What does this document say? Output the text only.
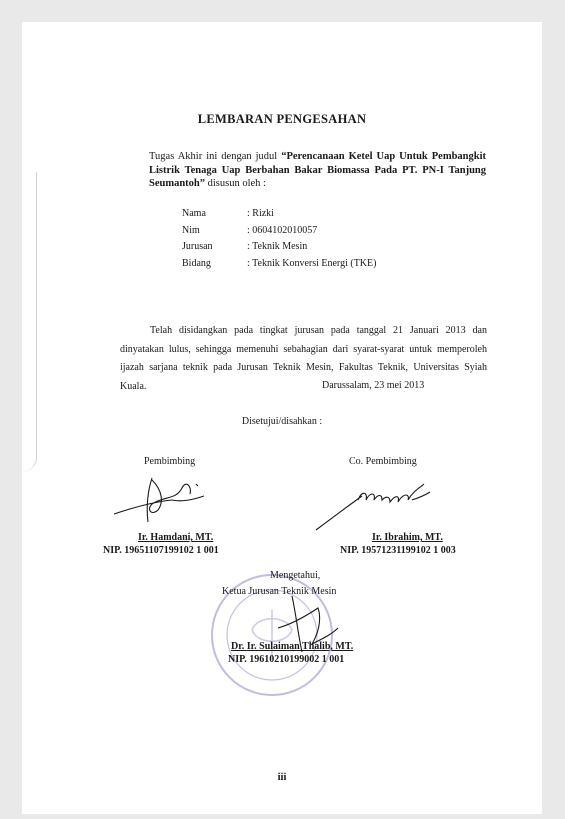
LEMBARAN PENGESAHAN
Tugas Akhir ini dengan judul “Perencanaan Ketel Uap Untuk Pembangkit Listrik Tenaga Uap Berbahan Bakar Biomassa Pada PT. PN-I Tanjung Seumantoh” disusun oleh :
Nama	: Rizki
Nim	: 0604102010057
Jurusan	: Teknik Mesin
Bidang	: Teknik Konversi Energi (TKE)
Telah disidangkan pada tingkat jurusan pada tanggal 21 Januari 2013 dan dinyatakan lulus, sehingga memenuhi sebahagian dari syarat-syarat untuk memperoleh ijazah sarjana teknik pada Jurusan Teknik Mesin, Fakultas Teknik, Universitas Syiah Kuala.	Darussalam, 23 mei 2013
Disetujui/disahkan :
Pembimbing
Ir. Hamdani, MT.
NIP. 19651107199102 1 001
Co. Pembimbing
Ir. Ibrahim, MT.
NIP. 19571231199102 1 003
Mengetahui,
Ketua Jurusan Teknik Mesin
Dr. Ir. Sulaiman Thalib, MT.
NIP. 19610210199002 1 001
iii
